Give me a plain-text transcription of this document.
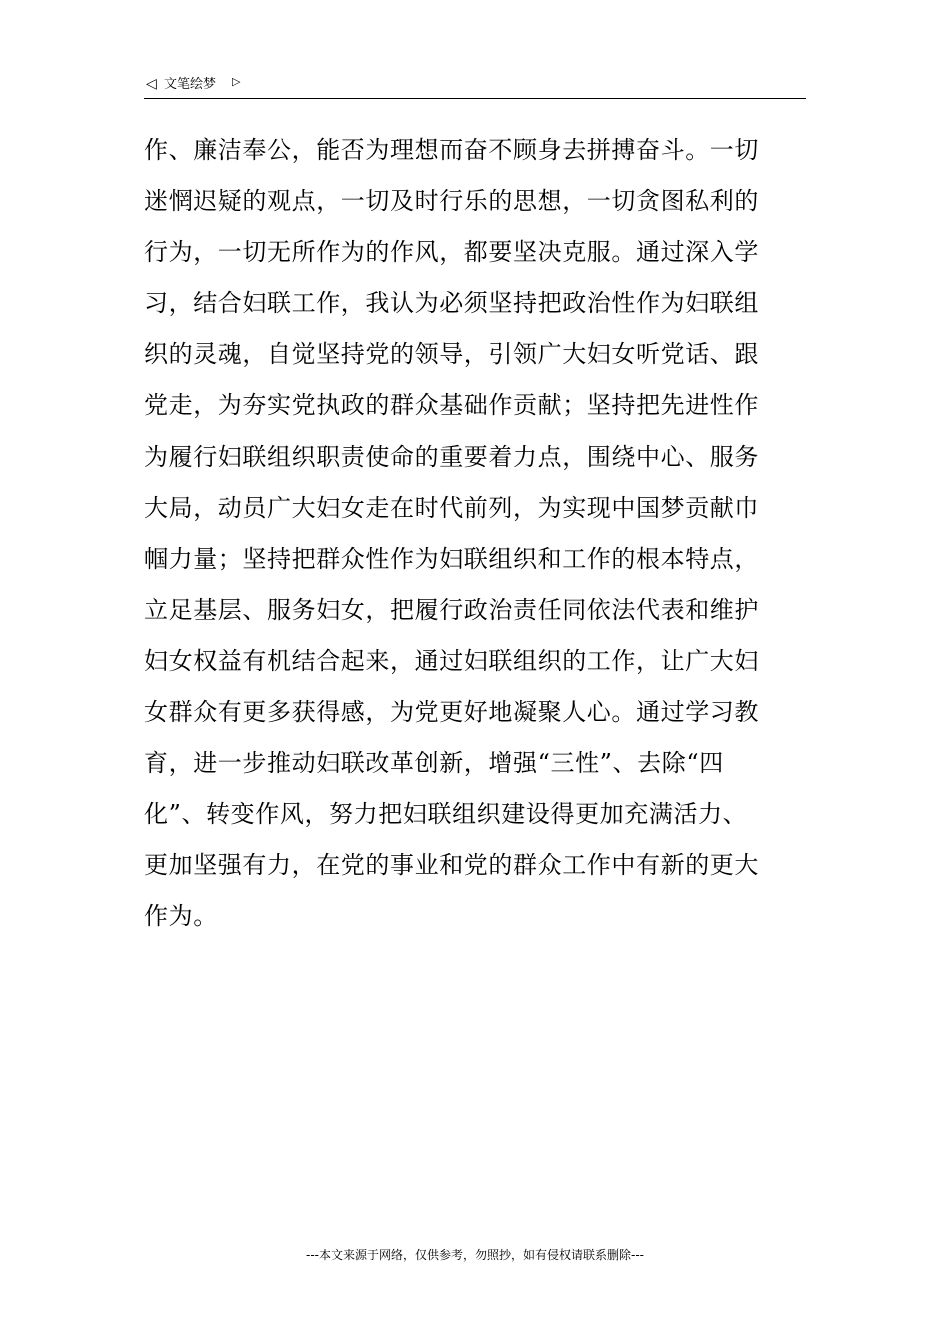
◁ 文笔绘梦 ▷
作、廉洁奉公，能否为理想而奋不顾身去拼搏奋斗。一切
迷惘迟疑的观点，一切及时行乐的思想，一切贪图私利的
行为，一切无所作为的作风，都要坚决克服。通过深入学
习，结合妇联工作，我认为必须坚持把政治性作为妇联组
织的灵魂，自觉坚持党的领导，引领广大妇女听党话、跟
党走，为夯实党执政的群众基础作贡献；坚持把先进性作
为履行妇联组织职责使命的重要着力点，围绕中心、服务
大局，动员广大妇女走在时代前列，为实现中国梦贡献巾
帼力量；坚持把群众性作为妇联组织和工作的根本特点，
立足基层、服务妇女，把履行政治责任同依法代表和维护
妇女权益有机结合起来，通过妇联组织的工作，让广大妇
女群众有更多获得感，为党更好地凝聚人心。通过学习教
育，进一步推动妇联改革创新，增强“三性”、去除“四
化”、转变作风，努力把妇联组织建设得更加充满活力、
更加坚强有力，在党的事业和党的群众工作中有新的更大
作为。
---本文来源于网络，仅供参考，勿照抄，如有侵权请联系删除---
